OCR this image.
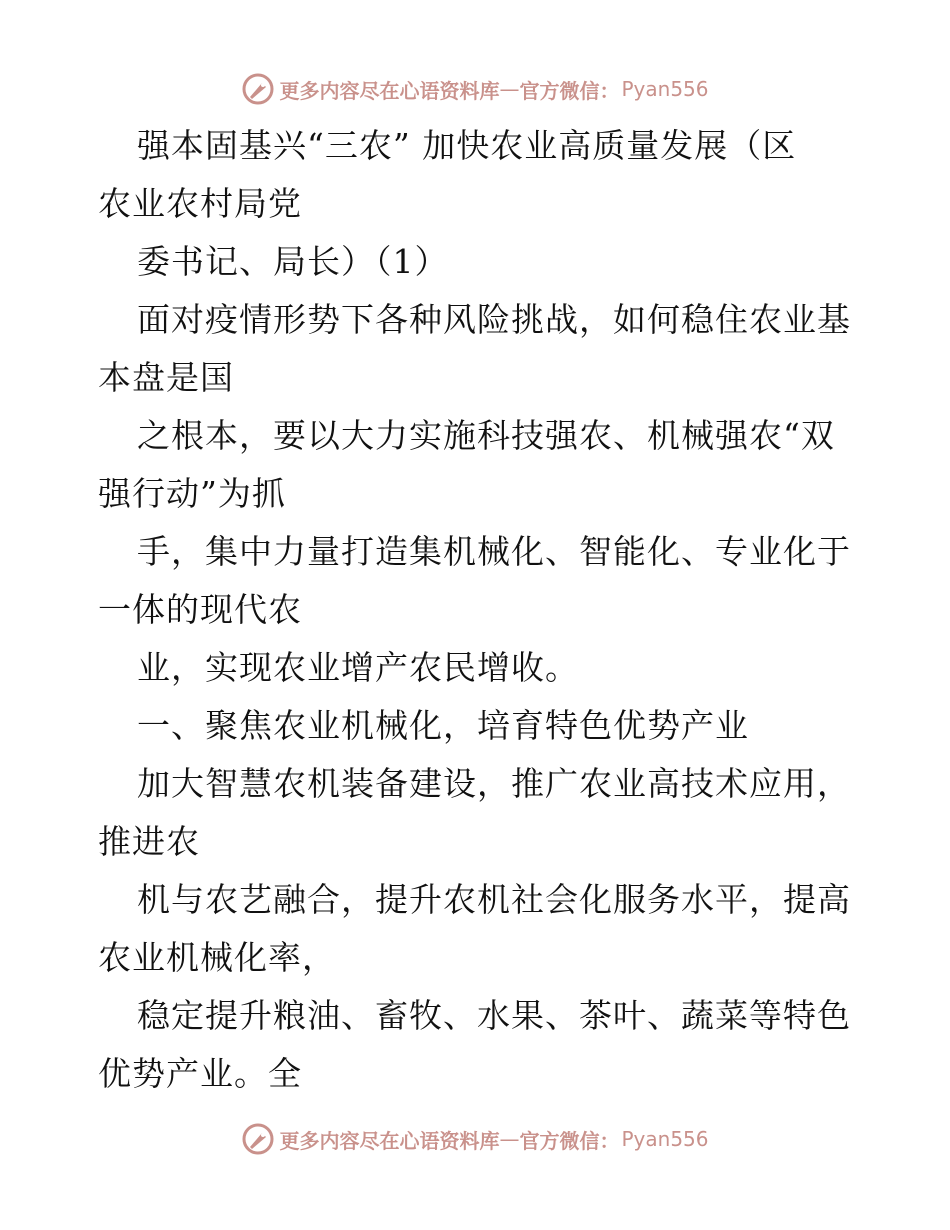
更多内容尽在心语资料库 — 官方微信： Pyan556
强本固基兴“三农” 加快农业高质量发展（区
农业农村局党
委书记、局长）（1）
面对疫情形势下各种风险挑战，如何稳住农业基
本盘是国
之根本，要以大力实施科技强农、机械强农“双
强行动”为抓
手，集中力量打造集机械化、智能化、专业化于
一体的现代农
业，实现农业增产农民增收。
一、聚焦农业机械化，培育特色优势产业
加大智慧农机装备建设，推广农业高技术应用，
推进农
机与农艺融合，提升农机社会化服务水平，提高
农业机械化率，
稳定提升粮油、畜牧、水果、茶叶、蔬菜等特色
优势产业。全
更多内容尽在心语资料库 — 官方微信： Pyan556
